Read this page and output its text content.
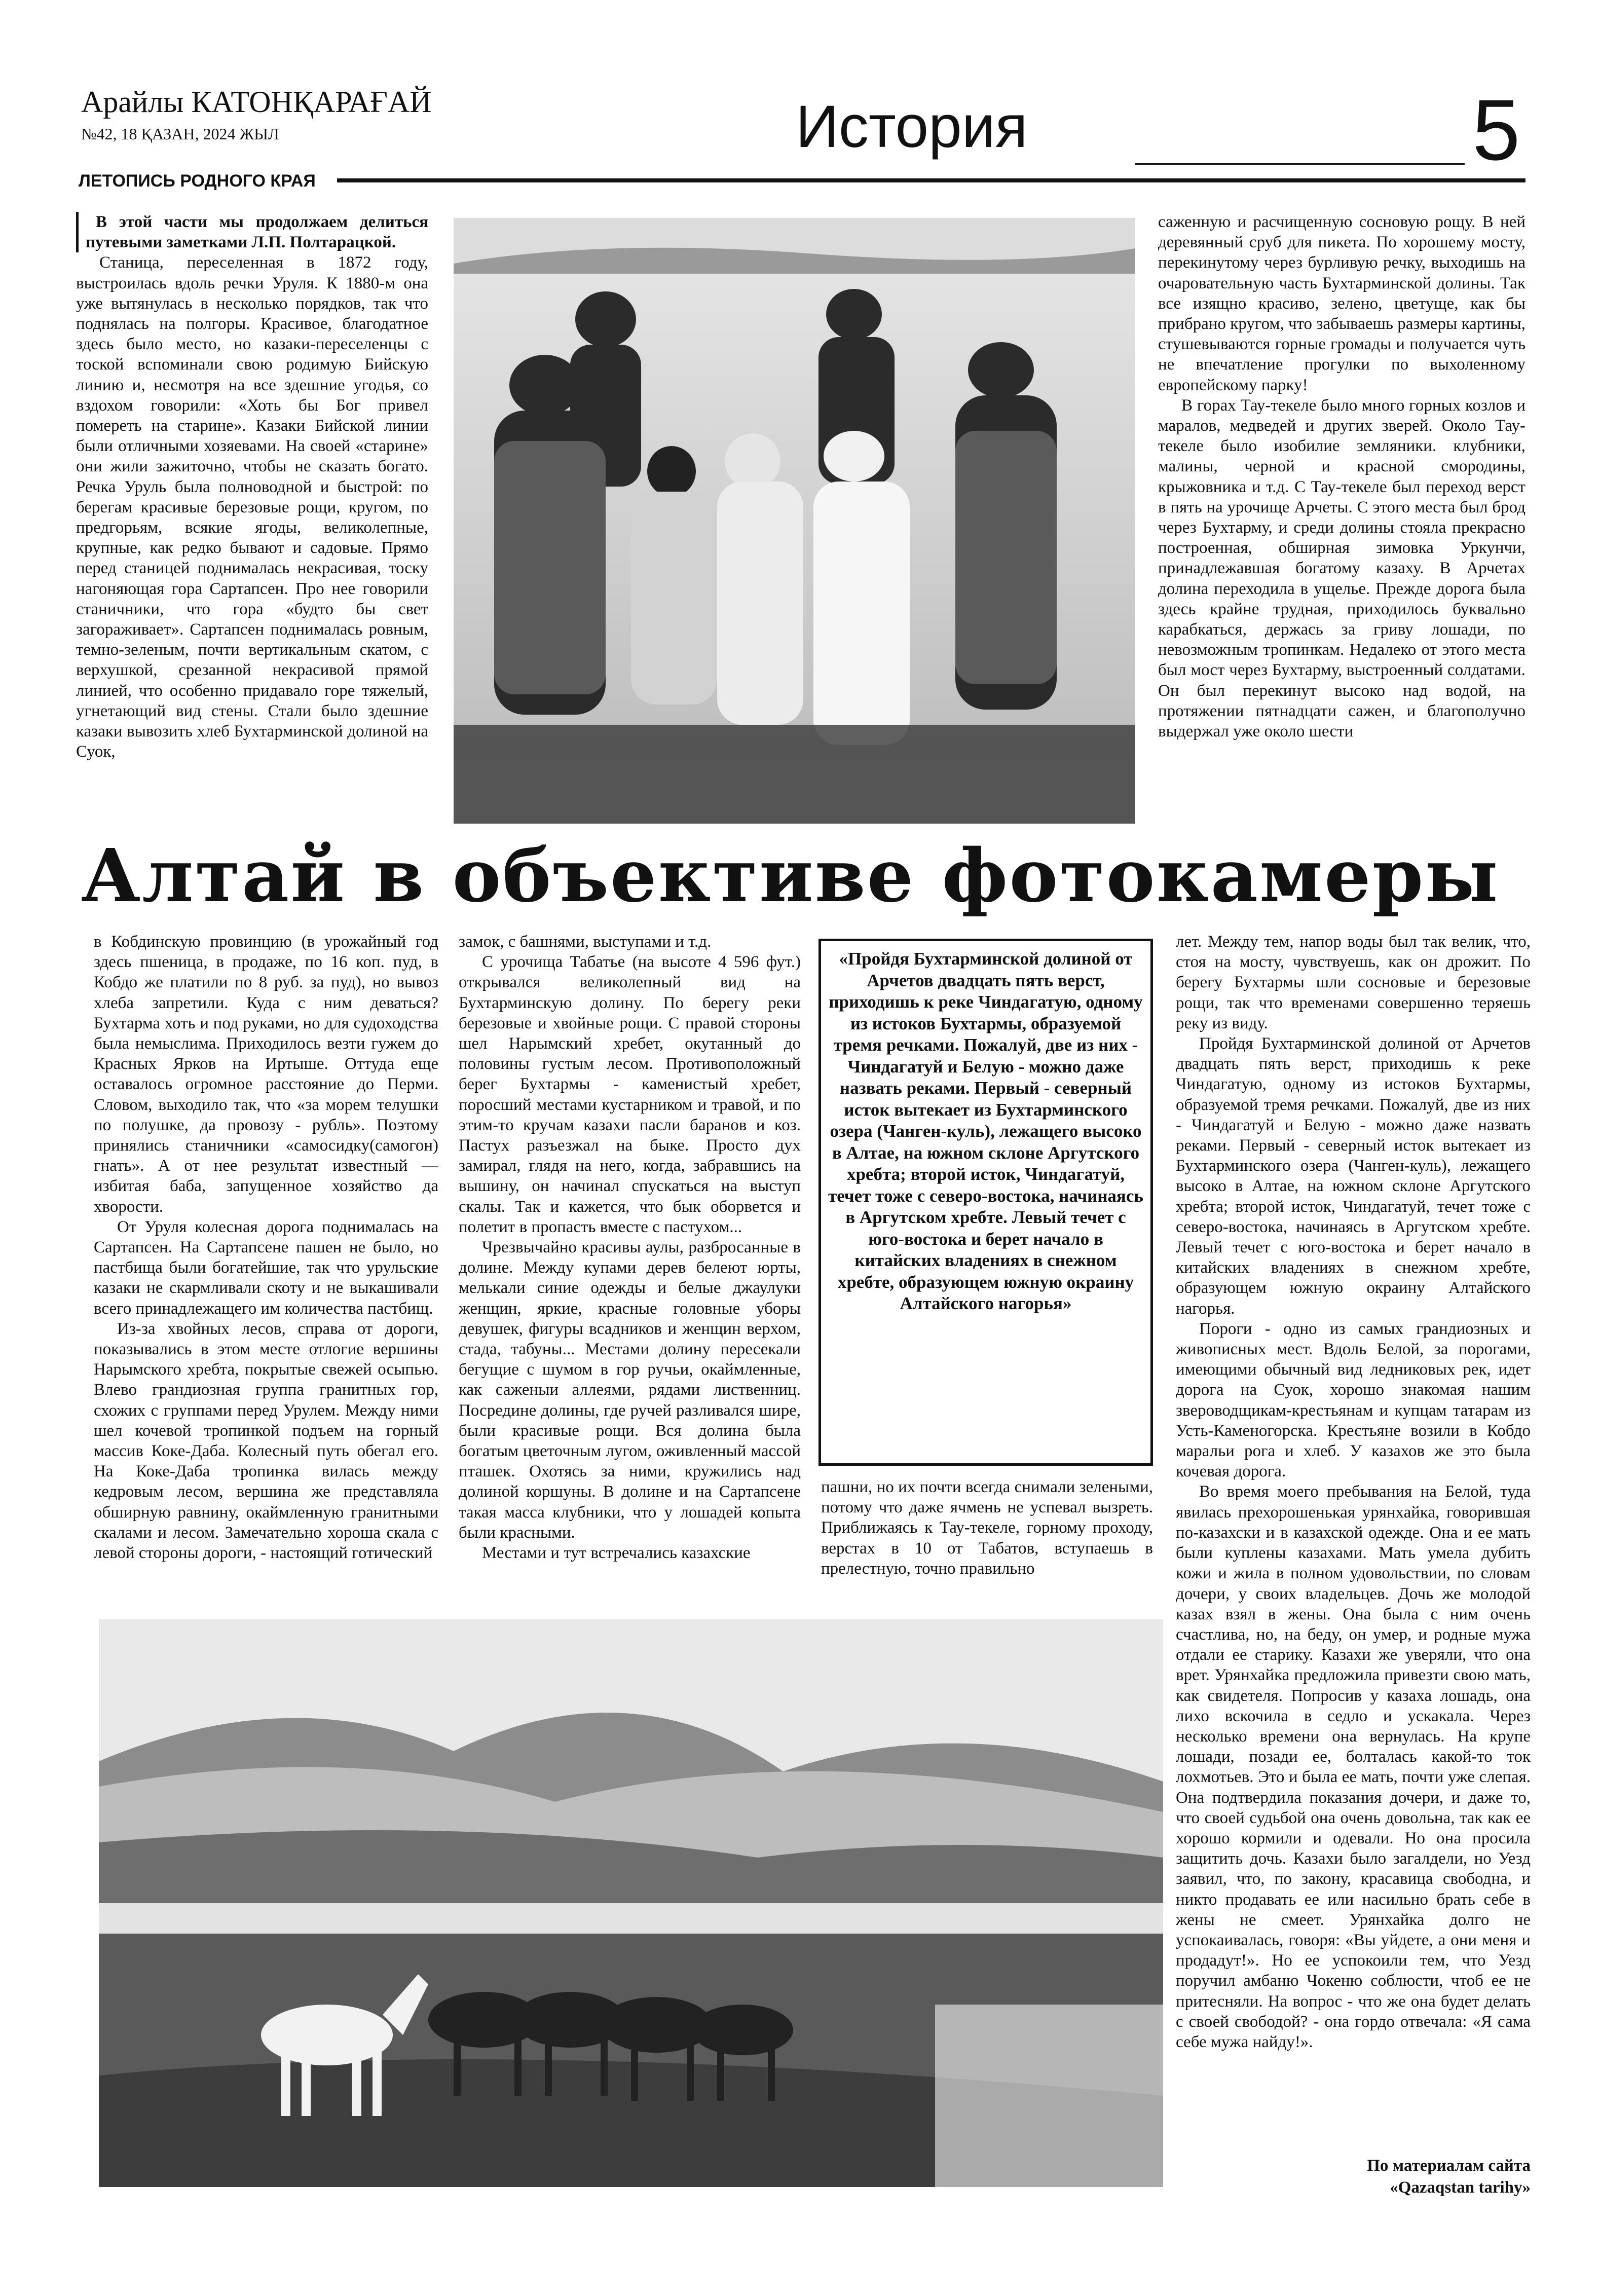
Арайлы КАТОНҚАРАҒАЙ
№42, 18 ҚАЗАН, 2024 ЖЫЛ	История	5
ЛЕТОПИСЬ РОДНОГО КРАЯ

В этой части мы продолжаем делиться путевыми заметками Л.П. Полтарацкой.

Станица, переселенная в 1872 году, выстроилась вдоль речки Уруля. К 1880-м она уже вытянулась в несколько порядков, так что поднялась на полгоры. Красивое, благодатное здесь было место, но казаки-переселенцы с тоской вспоминали свою родимую Бийскую линию и, несмотря на все здешние угодья, со вздохом говорили: «Хоть бы Бог привел помереть на старине». Казаки Бийской линии были отличными хозяевами. На своей «старине» они жили зажиточно, чтобы не сказать богато. Речка Уруль была полноводной и быстрой: по берегам красивые березовые рощи, кругом, по предгорьям, всякие ягоды, великолепные, крупные, как редко бывают и садовые. Прямо перед станицей поднималась некрасивая, тоску нагоняющая гора Сартапсен. Про нее говорили станичники, что гора «будто бы свет загораживает». Сартапсен поднималась ровным, темно-зеленым, почти вертикальным скатом, с верхушкой, срезанной некрасивой прямой линией, что особенно придавало горе тяжелый, угнетающий вид стены. Стали было здешние казаки вывозить хлеб Бухтарминской долиной на Суок,

саженную и расчищенную сосновую рощу. В ней деревянный сруб для пикета. По хорошему мосту, перекинутому через бурливую речку, выходишь на очаровательную часть Бухтарминской долины. Так все изящно красиво, зелено, цветуще, как бы прибрано кругом, что забываешь размеры картины, стушевываются горные громады и получается чуть не впечатление прогулки по выхоленному европейскому парку!

В горах Тау-текеле было много горных козлов и маралов, медведей и других зверей. Около Тау-текеле было изобилие земляники. клубники, малины, черной и красной смородины, крыжовника и т.д. С Тау-текеле был переход верст в пять на урочище Арчеты. С этого места был брод через Бухтарму, и среди долины стояла прекрасно построенная, обширная зимовка Уркунчи, принадлежавшая богатому казаху. В Арчетах долина переходила в ущелье. Прежде дорога была здесь крайне трудная, приходилось буквально карабкаться, держась за гриву лошади, по невозможным тропинкам. Недалеко от этого места был мост через Бухтарму, выстроенный солдатами. Он был перекинут высоко над водой, на протяжении пятнадцати сажен, и благополучно выдержал уже около шести

Алтай в объективе фотокамеры

в Кобдинскую провинцию (в урожайный год здесь пшеница, в продаже, по 16 коп. пуд, в Кобдо же платили по 8 руб. за пуд), но вывоз хлеба запретили. Куда с ним деваться? Бухтарма хоть и под руками, но для судоходства была немыслима. Приходилось везти гужем до Красных Ярков на Иртыше. Оттуда еще оставалось огромное расстояние до Перми. Словом, выходило так, что «за морем телушки по полушке, да провозу - рубль». Поэтому принялись станичники «самосидку(самогон) гнать». А от нее результат известный — избитая баба, запущенное хозяйство да хворости.

От Уруля колесная дорога поднималась на Сартапсен. На Сартапсене пашен не было, но пастбища были богатейшие, так что урульские казаки не скармливали скоту и не выкашивали всего принадлежащего им количества пастбищ.

Из-за хвойных лесов, справа от дороги, показывались в этом месте отлогие вершины Нарымского хребта, покрытые свежей осыпью. Влево грандиозная группа гранитных гор, схожих с группами перед Урулем. Между ними шел кочевой тропинкой подъем на горный массив Коке-Даба. Колесный путь обегал его. На Коке-Даба тропинка вилась между кедровым лесом, вершина же представляла обширную равнину, окаймленную гранитными скалами и лесом. Замечательно хороша скала с левой стороны дороги, - настоящий готический

замок, с башнями, выступами и т.д.

С урочища Табатье (на высоте 4 596 фут.) открывался великолепный вид на Бухтарминскую долину. По берегу реки березовые и хвойные рощи. С правой стороны шел Нарымский хребет, окутанный до половины густым лесом. Противоположный берег Бухтармы - каменистый хребет, поросший местами кустарником и травой, и по этим-то кручам казахи пасли баранов и коз. Пастух разъезжал на быке. Просто дух замирал, глядя на него, когда, забравшись на вышину, он начинал спускаться на выступ скалы. Так и кажется, что бык оборвется и полетит в пропасть вместе с пастухом...

Чрезвычайно красивы аулы, разбросанные в долине. Между купами дерев белеют юрты, мелькали синие одежды и белые джаулуки женщин, яркие, красные головные уборы девушек, фигуры всадников и женщин верхом, стада, табуны... Местами долину пересекали бегущие с шумом в гор ручьи, окаймленные, как саженыи аллеями, рядами лиственниц. Посредине долины, где ручей разливался шире, были красивые рощи. Вся долина была богатым цветочным лугом, оживленный массой пташек. Охотясь за ними, кружились над долиной коршуны. В долине и на Сартапсене такая масса клубники, что у лошадей копыта были красными.

Местами и тут встречались казахские

«Пройдя Бухтарминской долиной от Арчетов двадцать пять верст, приходишь к реке Чиндагатую, одному из истоков Бухтармы, образуемой тремя речками. Пожалуй, две из них - Чиндагатуй и Белую - можно даже назвать реками. Первый - северный исток вытекает из Бухтарминского озера (Чанген-куль), лежащего высоко в Алтае, на южном склоне Аргутского хребта; второй исток, Чиндагатуй, течет тоже с северо-востока, начинаясь в Аргутском хребте. Левый течет с юго-востока и берет начало в китайских владениях в снежном хребте, образующем южную окраину Алтайского нагорья»

пашни, но их почти всегда снимали зелеными, потому что даже ячмень не успевал вызреть. Приближаясь к Тау-текеле, горному проходу, верстах в 10 от Табатов, вступаешь в прелестную, точно правильно

лет. Между тем, напор воды был так велик, что, стоя на мосту, чувствуешь, как он дрожит. По берегу Бухтармы шли сосновые и березовые рощи, так что временами совершенно теряешь реку из виду.

Пройдя Бухтарминской долиной от Арчетов двадцать пять верст, приходишь к реке Чиндагатую, одному из истоков Бухтармы, образуемой тремя речками. Пожалуй, две из них - Чиндагатуй и Белую - можно даже назвать реками. Первый - северный исток вытекает из Бухтарминского озера (Чанген-куль), лежащего высоко в Алтае, на южном склоне Аргутского хребта; второй исток, Чиндагатуй, течет тоже с северо-востока, начинаясь в Аргутском хребте. Левый течет с юго-востока и берет начало в китайских владениях в снежном хребте, образующем южную окраину Алтайского нагорья.

Пороги - одно из самых грандиозных и живописных мест. Вдоль Белой, за порогами, имеющими обычный вид ледниковых рек, идет дорога на Суок, хорошо знакомая нашим звероводщикам-крестьянам и купцам татарам из Усть-Каменогорска. Крестьяне возили в Кобдо маральи рога и хлеб. У казахов же это была кочевая дорога.

Во время моего пребывания на Белой, туда явилась прехорошенькая урянхайка, говорившая по-казахски и в казахской одежде. Она и ее мать были куплены казахами. Мать умела дубить кожи и жила в полном удовольствии, по словам дочери, у своих владельцев. Дочь же молодой казах взял в жены. Она была с ним очень счастлива, но, на беду, он умер, и родные мужа отдали ее старику. Казахи же уверяли, что она врет. Урянхайка предложила привезти свою мать, как свидетеля. Попросив у казаха лошадь, она лихо вскочила в седло и ускакала. Через несколько времени она вернулась. На крупе лошади, позади ее, болталась какой-то ток лохмотьев. Это и была ее мать, почти уже слепая. Она подтвердила показания дочери, и даже то, что своей судьбой она очень довольна, так как ее хорошо кормили и одевали. Но она просила защитить дочь. Казахи было загалдели, но Уезд заявил, что, по закону, красавица свободна, и никто продавать ее или насильно брать себе в жены не смеет. Урянхайка долго не успокаивалась, говоря: «Вы уйдете, а они меня и продадут!». Но ее успокоили тем, что Уезд поручил амбаню Чокеню соблюсти, чтоб ее не притесняли. На вопрос - что же она будет делать с своей свободой? - она гордо отвечала: «Я сама себе мужа найду!».

По материалам сайта
«Qazaqstan tarihy»
